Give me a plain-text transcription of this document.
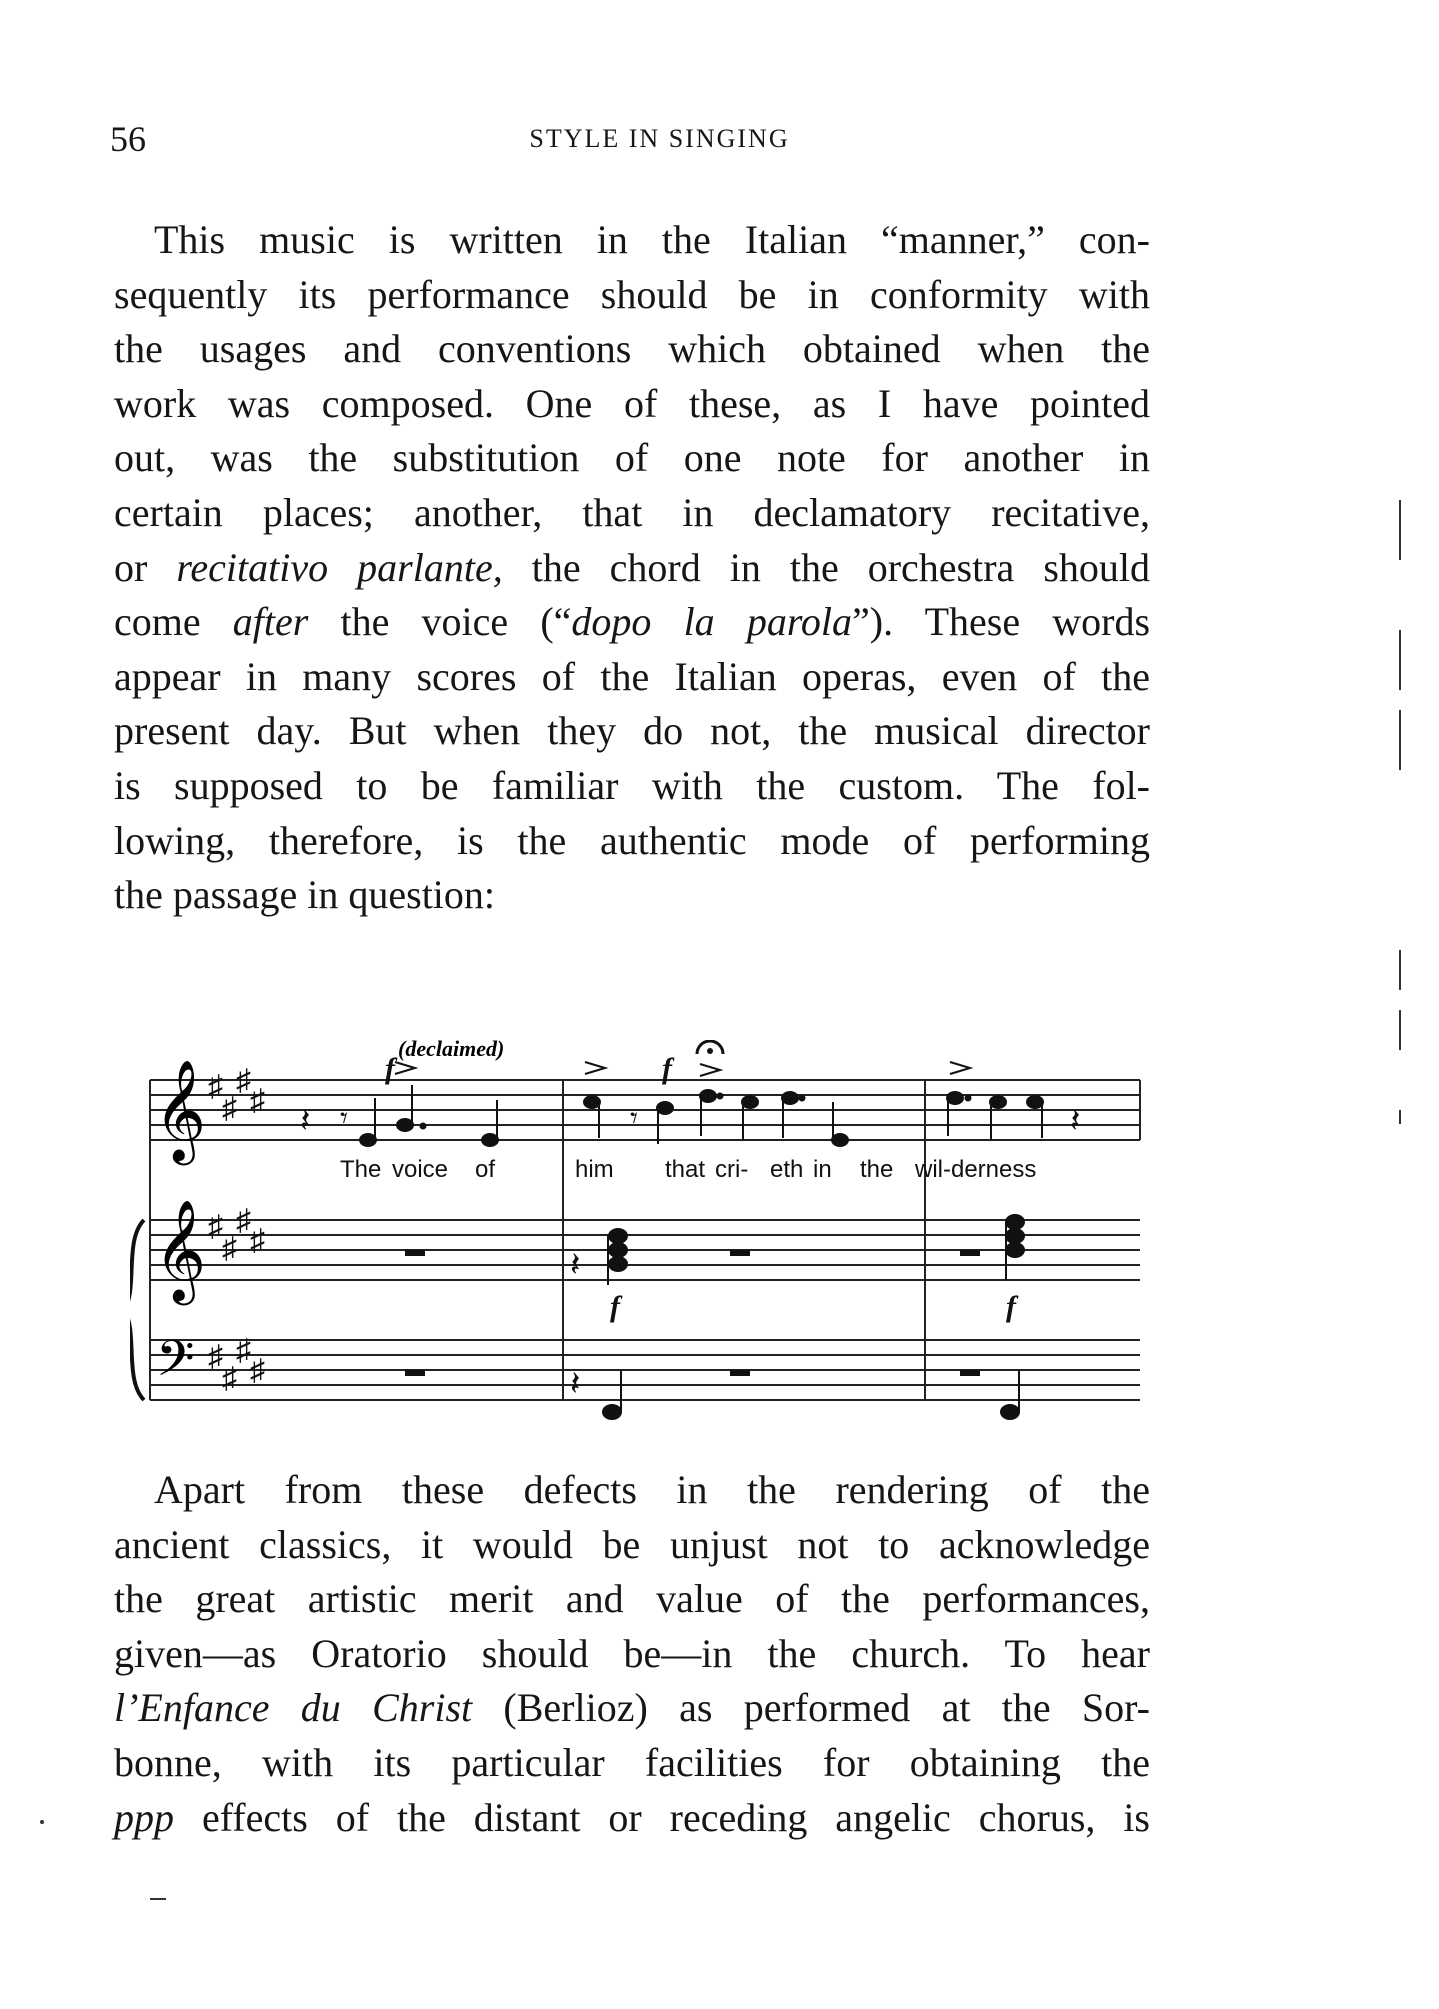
56	STYLE IN SINGING
This music is written in the Italian “manner,” con-
sequently its performance should be in conformity with
the usages and conventions which obtained when the
work was composed. One of these, as I have pointed
out, was the substitution of one note for another in
certain places; another, that in declamatory recitative,
or recitativo parlante, the chord in the orchestra should
come after the voice (“dopo la parola”). These words
appear in many scores of the Italian operas, even of the
present day. But when they do not, the musical director
is supposed to be familiar with the custom. The fol-
lowing, therefore, is the authentic mode of performing
the passage in question:
𝄞
𝄞
𝄢
♯
♯
♯
♯
♯
♯
♯
♯
♯
♯
♯
♯
𝄽 𝄾	𝄾	𝄽
(declaimed)
f	f
The voice of	him that cri- eth in the wil-derness
𝄽
𝄽
f	f
Apart from these defects in the rendering of the
ancient classics, it would be unjust not to acknowledge
the great artistic merit and value of the performances,
given—as Oratorio should be—in the church. To hear
l’Enfance du Christ (Berlioz) as performed at the Sor-
bonne, with its particular facilities for obtaining the
ppp effects of the distant or receding angelic chorus, is
